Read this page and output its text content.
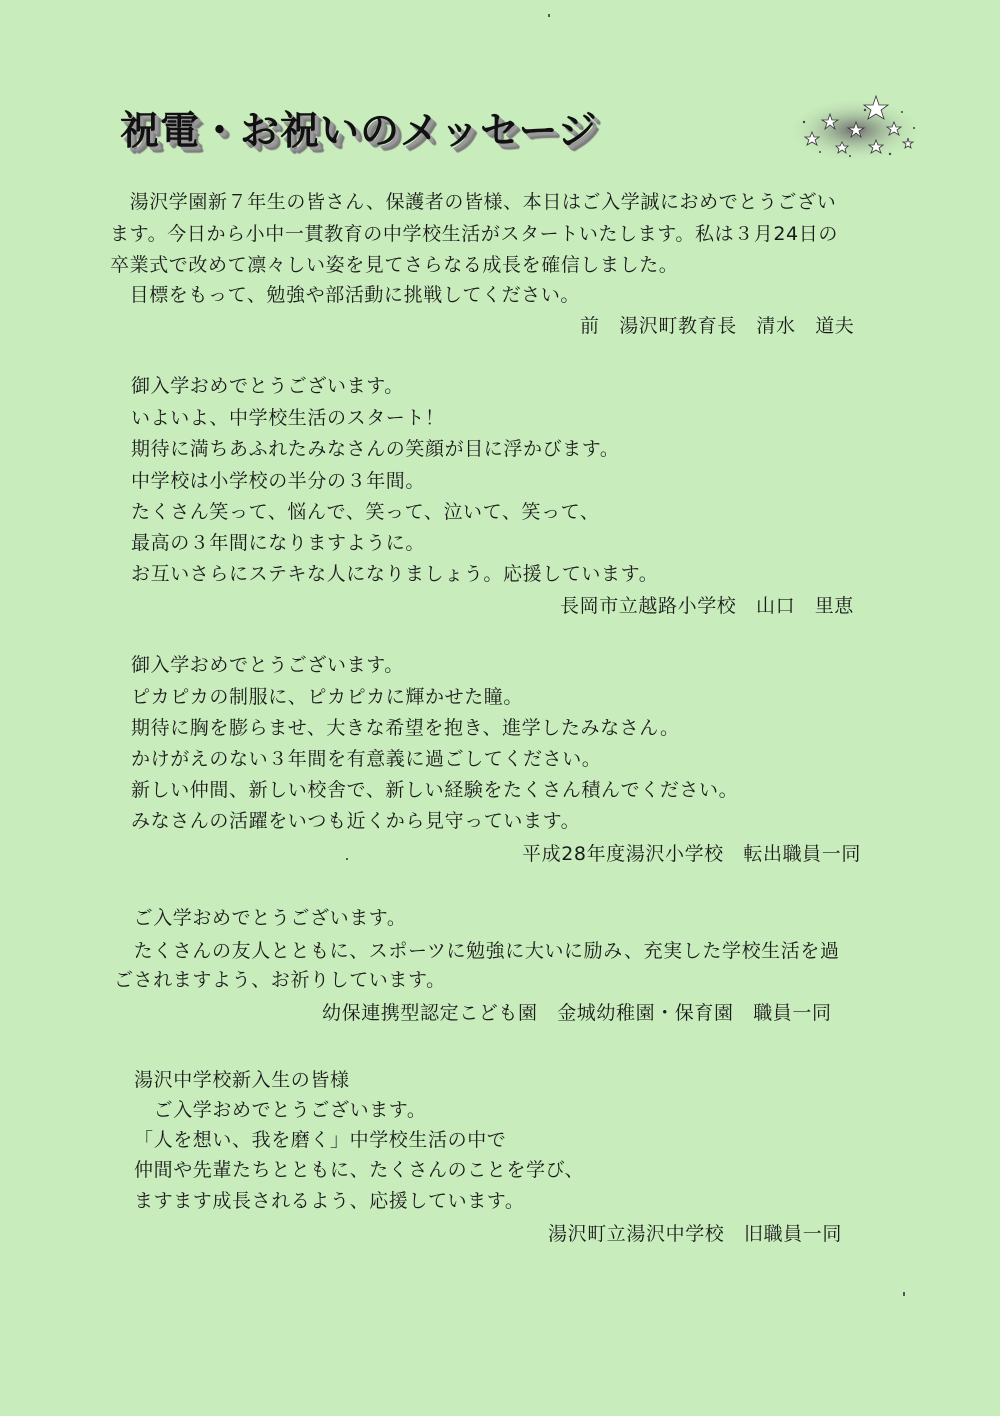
祝電・お祝いのメッセージ
　湯沢学園新７年生の皆さん、保護者の皆様、本日はご入学誠におめでとうござい
ます。今日から小中一貫教育の中学校生活がスタートいたします。私は３月24日の
卒業式で改めて凛々しい姿を見てさらなる成長を確信しました。
　目標をもって、勉強や部活動に挑戦してください。
前　湯沢町教育長　清水　道夫
御入学おめでとうございます。
いよいよ、中学校生活のスタート！
期待に満ちあふれたみなさんの笑顔が目に浮かびます。
中学校は小学校の半分の３年間。
たくさん笑って、悩んで、笑って、泣いて、笑って、
最高の３年間になりますように。
お互いさらにステキな人になりましょう。応援しています。
長岡市立越路小学校　山口　里恵
御入学おめでとうございます。
ピカピカの制服に、ピカピカに輝かせた瞳。
期待に胸を膨らませ、大きな希望を抱き、進学したみなさん。
かけがえのない３年間を有意義に過ごしてください。
新しい仲間、新しい校舎で、新しい経験をたくさん積んでください。
みなさんの活躍をいつも近くから見守っています。
平成28年度湯沢小学校　転出職員一同
　ご入学おめでとうございます。
　たくさんの友人とともに、スポーツに勉強に大いに励み、充実した学校生活を過
ごされますよう、お祈りしています。
幼保連携型認定こども園　金城幼稚園・保育園　職員一同
湯沢中学校新入生の皆様
　ご入学おめでとうございます。
「人を想い、我を磨く」中学校生活の中で
仲間や先輩たちとともに、たくさんのことを学び、
ますます成長されるよう、応援しています。
湯沢町立湯沢中学校　旧職員一同
